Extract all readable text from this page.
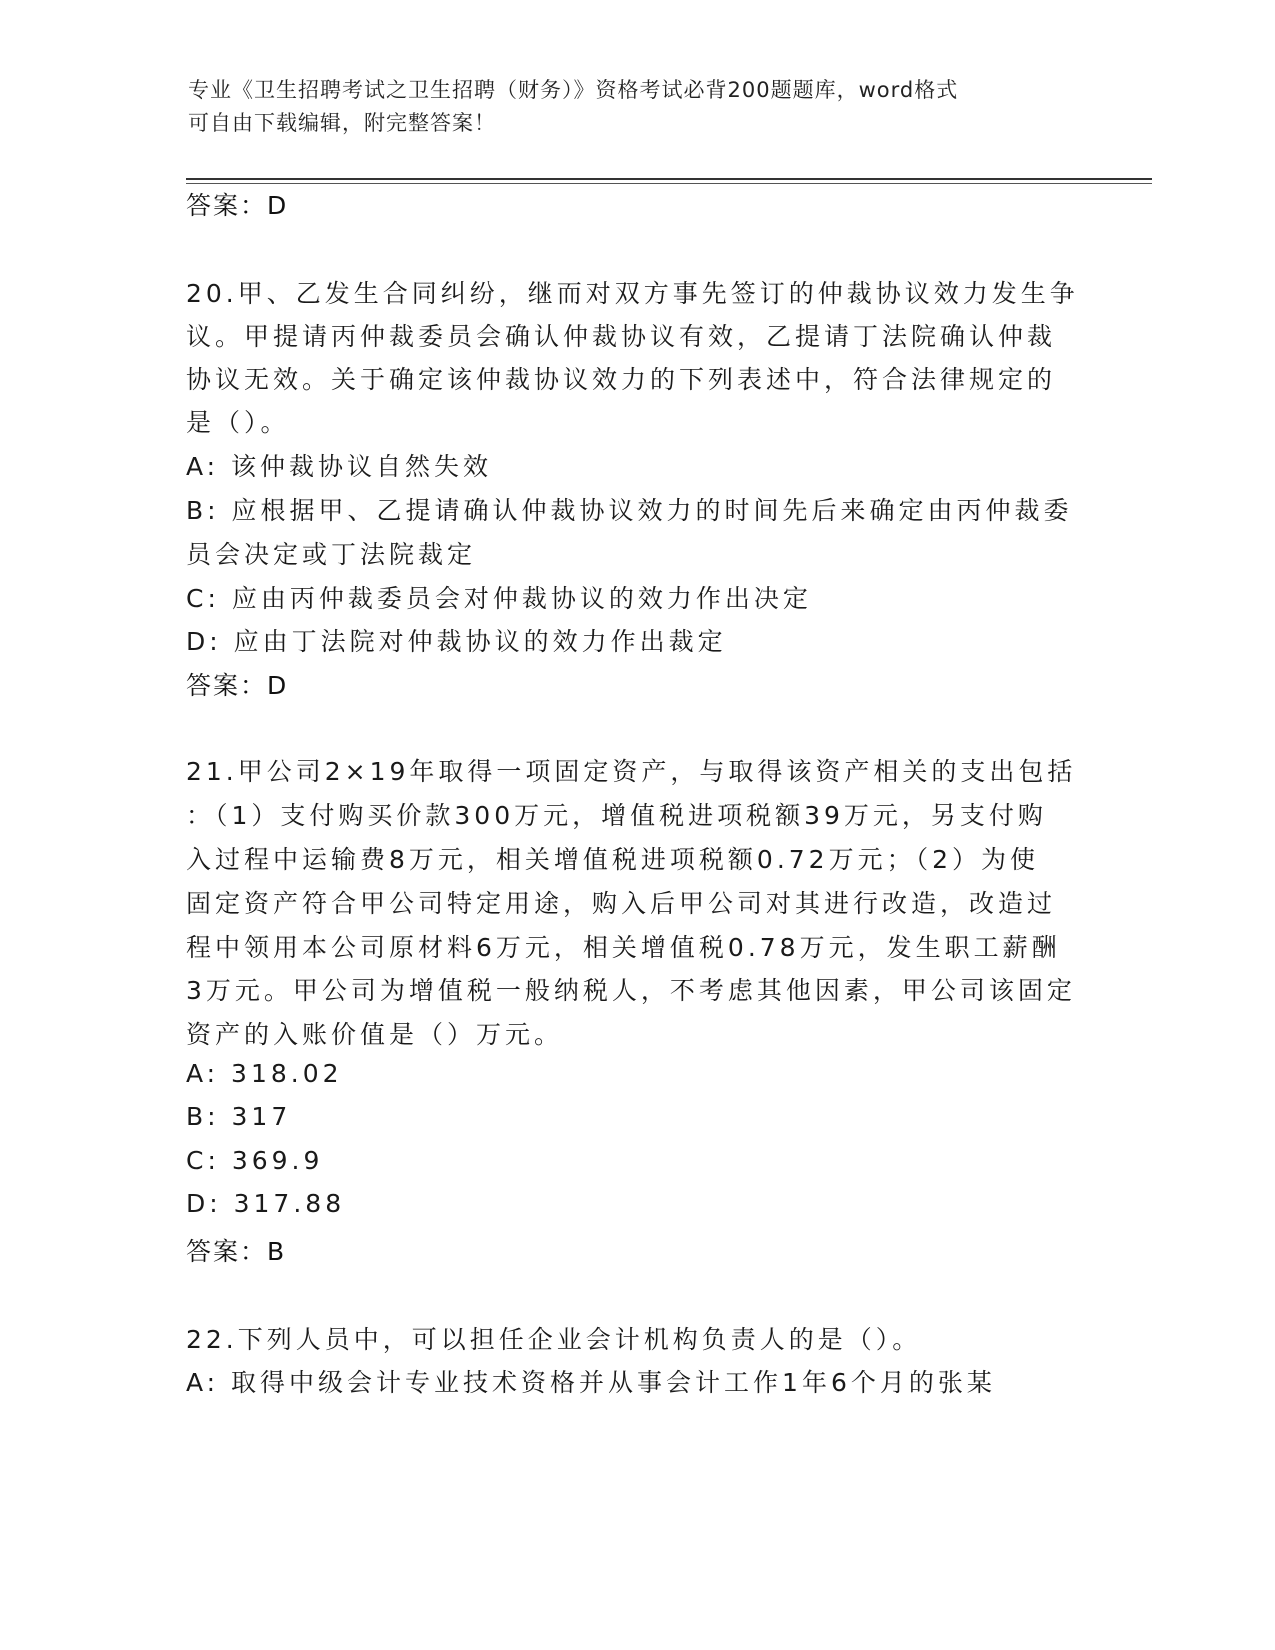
专业《卫生招聘考试之卫生招聘（财务）》资格考试必背200题题库，word格式
可自由下载编辑，附完整答案！
答案：D
20.甲、乙发生合同纠纷，继而对双方事先签订的仲裁协议效力发生争
议。甲提请丙仲裁委员会确认仲裁协议有效，乙提请丁法院确认仲裁
协议无效。关于确定该仲裁协议效力的下列表述中，符合法律规定的
是（）。
A: 该仲裁协议自然失效
B: 应根据甲、乙提请确认仲裁协议效力的时间先后来确定由丙仲裁委
员会决定或丁法院裁定
C: 应由丙仲裁委员会对仲裁协议的效力作出决定
D: 应由丁法院对仲裁协议的效力作出裁定
答案：D
21.甲公司2×19年取得一项固定资产，与取得该资产相关的支出包括
：（1）支付购买价款300万元，增值税进项税额39万元，另支付购
入过程中运输费8万元，相关增值税进项税额0.72万元；（2）为使
固定资产符合甲公司特定用途，购入后甲公司对其进行改造，改造过
程中领用本公司原材料6万元，相关增值税0.78万元，发生职工薪酬
3万元。甲公司为增值税一般纳税人，不考虑其他因素，甲公司该固定
资产的入账价值是（）万元。
A: 318.02
B: 317
C: 369.9
D: 317.88
答案：B
22.下列人员中，可以担任企业会计机构负责人的是（）。
A: 取得中级会计专业技术资格并从事会计工作1年6个月的张某
